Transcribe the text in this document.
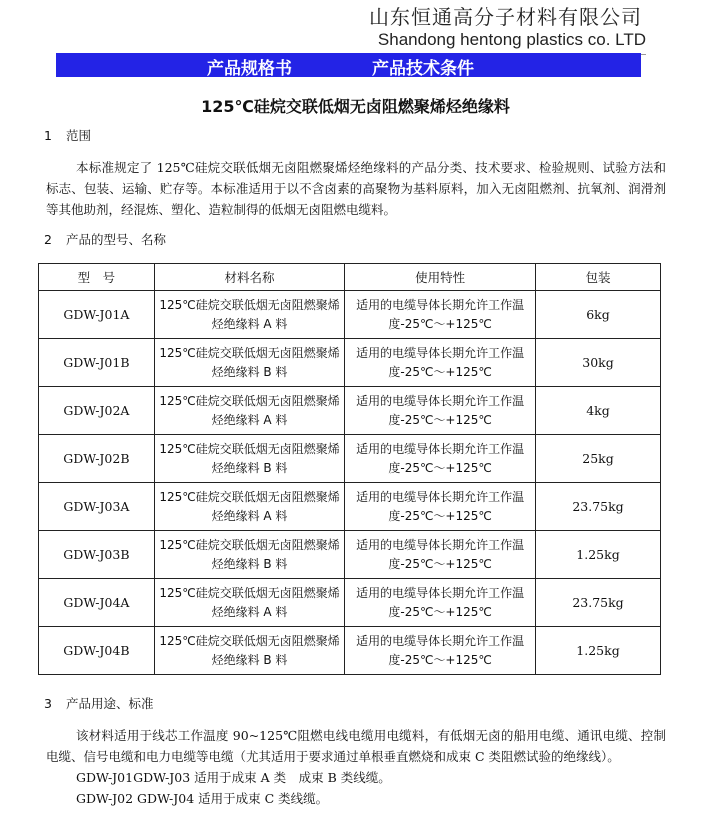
山东恒通高分子材料有限公司
Shandong hentong plastics co. LTD
产品规格书	产品技术条件
125℃硅烷交联低烟无卤阻燃聚烯烃绝缘料
1 范围

本标准规定了 125℃硅烷交联低烟无卤阻燃聚烯烃绝缘料的产品分类、技术要求、检验规则、试验方法和标志、包装、运输、贮存等。本标准适用于以不含卤素的高聚物为基料原料，加入无卤阻燃剂、抗氧剂、润滑剂等其他助剂，经混炼、塑化、造粒制得的低烟无卤阻燃电缆料。

2 产品的型号、名称
型　号	材料名称	使用特性	包装
GDW-J01A	125℃硅烷交联低烟无卤阻燃聚烯烃绝缘料 A 料	适用的电缆导体长期允许工作温度-25℃～+125℃	6kg
GDW-J01B	125℃硅烷交联低烟无卤阻燃聚烯烃绝缘料 B 料	适用的电缆导体长期允许工作温度-25℃～+125℃	30kg
GDW-J02A	125℃硅烷交联低烟无卤阻燃聚烯烃绝缘料 A 料	适用的电缆导体长期允许工作温度-25℃～+125℃	4kg
GDW-J02B	125℃硅烷交联低烟无卤阻燃聚烯烃绝缘料 B 料	适用的电缆导体长期允许工作温度-25℃～+125℃	25kg
GDW-J03A	125℃硅烷交联低烟无卤阻燃聚烯烃绝缘料 A 料	适用的电缆导体长期允许工作温度-25℃～+125℃	23.75kg
GDW-J03B	125℃硅烷交联低烟无卤阻燃聚烯烃绝缘料 B 料	适用的电缆导体长期允许工作温度-25℃～+125℃	1.25kg
GDW-J04A	125℃硅烷交联低烟无卤阻燃聚烯烃绝缘料 A 料	适用的电缆导体长期允许工作温度-25℃～+125℃	23.75kg
GDW-J04B	125℃硅烷交联低烟无卤阻燃聚烯烃绝缘料 B 料	适用的电缆导体长期允许工作温度-25℃～+125℃	1.25kg
3 产品用途、标准

该材料适用于线芯工作温度 90~125℃阻燃电线电缆用电缆料，有低烟无卤的船用电缆、通讯电缆、控制电缆、信号电缆和电力电缆等电缆（尤其适用于要求通过单根垂直燃烧和成束 C 类阻燃试验的绝缘线）。

GDW-J01GDW-J03 适用于成束 A 类　成束 B 类线缆。

GDW-J02 GDW-J04 适用于成束 C 类线缆。
